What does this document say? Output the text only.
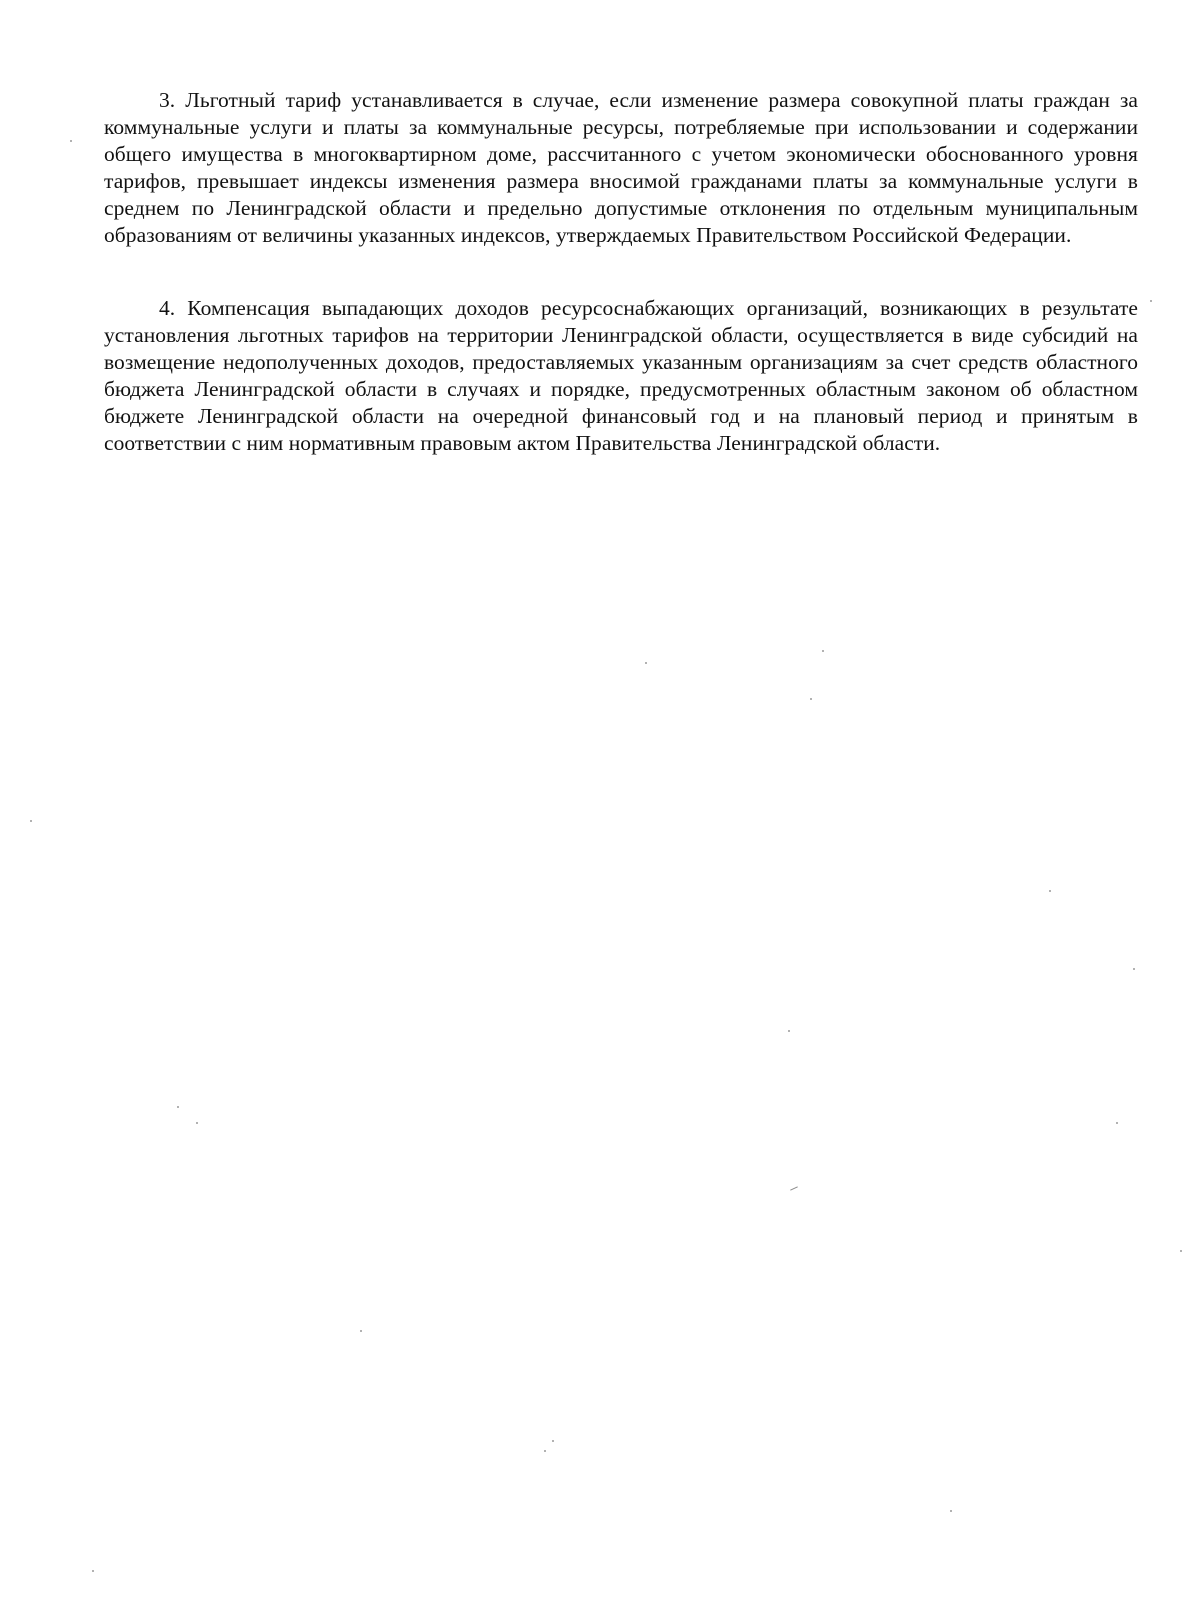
3. Льготный тариф устанавливается в случае, если изменение размера совокупной платы граждан за коммунальные услуги и платы за коммунальные ресурсы, потребляемые при использовании и содержании общего имущества в многоквартирном доме, рассчитанного с учетом экономически обоснованного уровня тарифов, превышает индексы изменения размера вносимой гражданами платы за коммунальные услуги в среднем по Ленинградской области и предельно допустимые отклонения по отдельным муниципальным образованиям от величины указанных индексов, утверждаемых Правительством Российской Федерации.

4. Компенсация выпадающих доходов ресурсоснабжающих организаций, возникающих в результате установления льготных тарифов на территории Ленинградской области, осуществляется в виде субсидий на возмещение недополученных доходов, предоставляемых указанным организациям за счет средств областного бюджета Ленинградской области в случаях и порядке, предусмотренных областным законом об областном бюджете Ленинградской области на очередной финансовый год и на плановый период и принятым в соответствии с ним нормативным правовым актом Правительства Ленинградской области.
